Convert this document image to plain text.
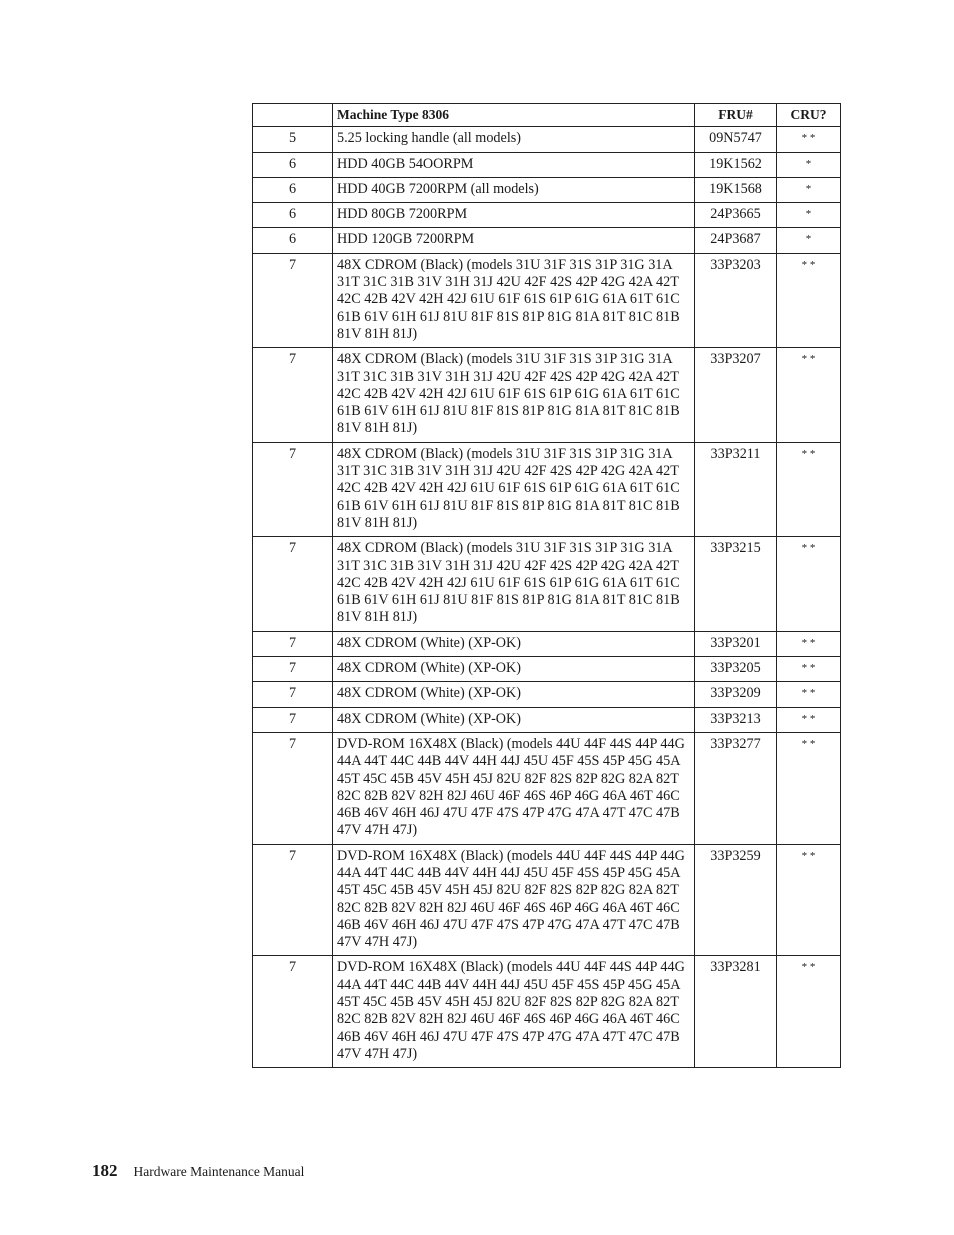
	Machine Type 8306	FRU#	CRU?
5	5.25 locking handle (all models)	09N5747	* *
6	HDD 40GB 54OORPM	19K1562	*
6	HDD 40GB 7200RPM (all models)	19K1568	*
6	HDD 80GB 7200RPM	24P3665	*
6	HDD 120GB 7200RPM	24P3687	*
7	48X CDROM (Black) (models 31U 31F 31S 31P 31G 31A 31T 31C 31B 31V 31H 31J 42U 42F 42S 42P 42G 42A 42T 42C 42B 42V 42H 42J 61U 61F 61S 61P 61G 61A 61T 61C 61B 61V 61H 61J 81U 81F 81S 81P 81G 81A 81T 81C 81B 81V 81H 81J)	33P3203	* *
7	48X CDROM (Black) (models 31U 31F 31S 31P 31G 31A 31T 31C 31B 31V 31H 31J 42U 42F 42S 42P 42G 42A 42T 42C 42B 42V 42H 42J 61U 61F 61S 61P 61G 61A 61T 61C 61B 61V 61H 61J 81U 81F 81S 81P 81G 81A 81T 81C 81B 81V 81H 81J)	33P3207	* *
7	48X CDROM (Black) (models 31U 31F 31S 31P 31G 31A 31T 31C 31B 31V 31H 31J 42U 42F 42S 42P 42G 42A 42T 42C 42B 42V 42H 42J 61U 61F 61S 61P 61G 61A 61T 61C 61B 61V 61H 61J 81U 81F 81S 81P 81G 81A 81T 81C 81B 81V 81H 81J)	33P3211	* *
7	48X CDROM (Black) (models 31U 31F 31S 31P 31G 31A 31T 31C 31B 31V 31H 31J 42U 42F 42S 42P 42G 42A 42T 42C 42B 42V 42H 42J 61U 61F 61S 61P 61G 61A 61T 61C 61B 61V 61H 61J 81U 81F 81S 81P 81G 81A 81T 81C 81B 81V 81H 81J)	33P3215	* *
7	48X CDROM (White) (XP-OK)	33P3201	* *
7	48X CDROM (White) (XP-OK)	33P3205	* *
7	48X CDROM (White) (XP-OK)	33P3209	* *
7	48X CDROM (White) (XP-OK)	33P3213	* *
7	DVD-ROM 16X48X (Black) (models 44U 44F 44S 44P 44G 44A 44T 44C 44B 44V 44H 44J 45U 45F 45S 45P 45G 45A 45T 45C 45B 45V 45H 45J 82U 82F 82S 82P 82G 82A 82T 82C 82B 82V 82H 82J 46U 46F 46S 46P 46G 46A 46T 46C 46B 46V 46H 46J 47U 47F 47S 47P 47G 47A 47T 47C 47B 47V 47H 47J)	33P3277	* *
7	DVD-ROM 16X48X (Black) (models 44U 44F 44S 44P 44G 44A 44T 44C 44B 44V 44H 44J 45U 45F 45S 45P 45G 45A 45T 45C 45B 45V 45H 45J 82U 82F 82S 82P 82G 82A 82T 82C 82B 82V 82H 82J 46U 46F 46S 46P 46G 46A 46T 46C 46B 46V 46H 46J 47U 47F 47S 47P 47G 47A 47T 47C 47B 47V 47H 47J)	33P3259	* *
7	DVD-ROM 16X48X (Black) (models 44U 44F 44S 44P 44G 44A 44T 44C 44B 44V 44H 44J 45U 45F 45S 45P 45G 45A 45T 45C 45B 45V 45H 45J 82U 82F 82S 82P 82G 82A 82T 82C 82B 82V 82H 82J 46U 46F 46S 46P 46G 46A 46T 46C 46B 46V 46H 46J 47U 47F 47S 47P 47G 47A 47T 47C 47B 47V 47H 47J)	33P3281	* *
182 Hardware Maintenance Manual
